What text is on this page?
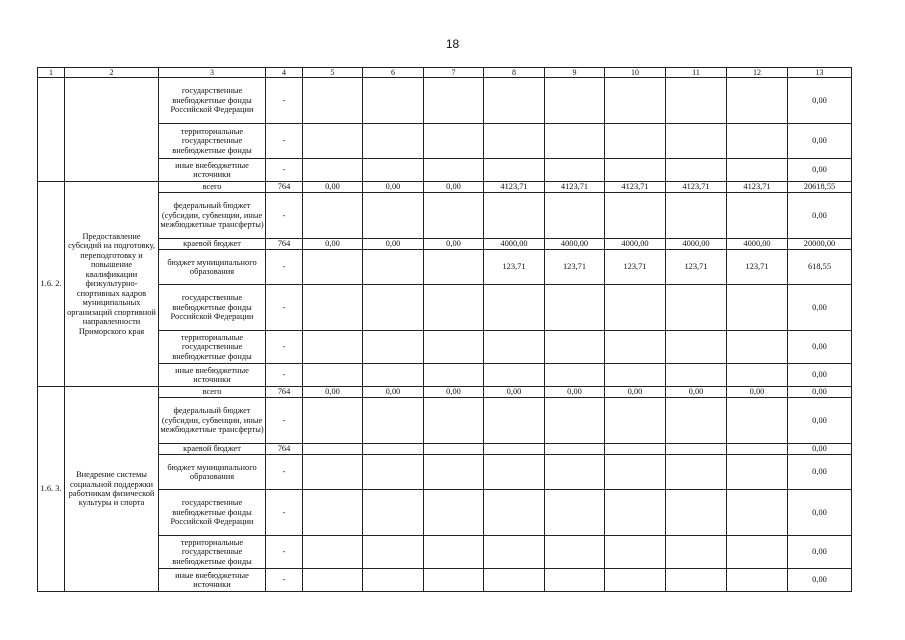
18
1	2	3	4	5	6	7	8	9	10	11	12	13
		государственные внебюджетные фонды Российской Федерации	-									0,00
		территориальные государственные внебюджетные фонды	-									0,00
		иные внебюджетные источники	-									0,00
1.6. 2.	Предоставление субсидий на подготовку, переподготовку и повышение квалификации физкультурно-спортивных кадров муниципальных организаций спортивной направленности Приморского края	всего	764	0,00	0,00	0,00	4123,71	4123,71	4123,71	4123,71	4123,71	20618,55
		федеральный бюджет (субсидии, субвенции, иные межбюджетные трансферты)	-									0,00
		краевой бюджет	764	0,00	0,00	0,00	4000,00	4000,00	4000,00	4000,00	4000,00	20000,00
		бюджет муниципального образования	-				123,71	123,71	123,71	123,71	123,71	618,55
		государственные внебюджетные фонды Российской Федерации	-									0,00
		территориальные государственные внебюджетные фонды	-									0,00
		иные внебюджетные источники	-									0,00
1.6. 3.	Внедрение системы социальной поддержки работникам физической культуры и спорта	всего	764	0,00	0,00	0,00	0,00	0,00	0,00	0,00	0,00	0,00
		федеральный бюджет (субсидии, субвенции, иные межбюджетные трансферты)	-									0,00
		краевой бюджет	764									0,00
		бюджет муниципального образования	-									0,00
		государственные внебюджетные фонды Российской Федерации	-									0,00
		территориальные государственные внебюджетные фонды	-									0,00
		иные внебюджетные источники	-									0,00
